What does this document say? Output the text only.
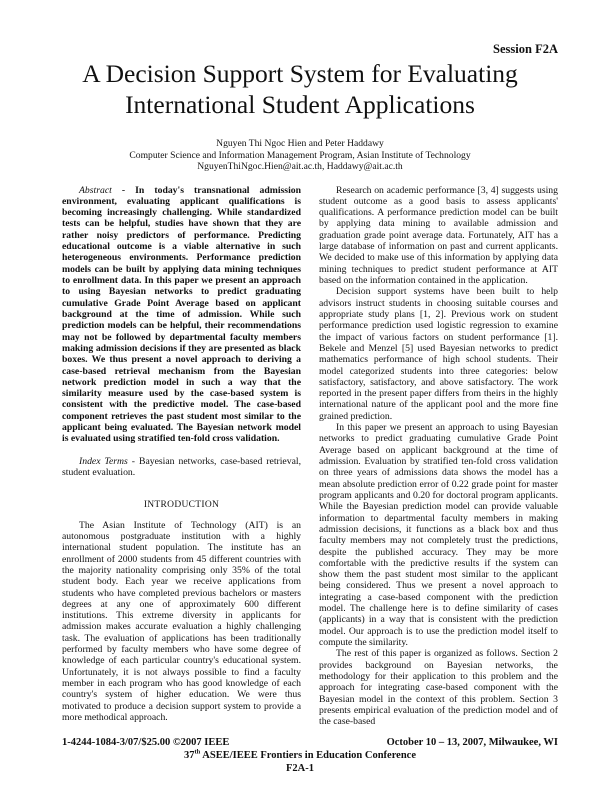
Session F2A
A Decision Support System for Evaluating
International Student Applications
Nguyen Thi Ngoc Hien and Peter Haddawy
Computer Science and Information Management Program, Asian Institute of Technology
NguyenThiNgoc.Hien@ait.ac.th, Haddawy@ait.ac.th

Abstract - In today's transnational admission environment, evaluating applicant qualifications is becoming increasingly challenging. While standardized tests can be helpful, studies have shown that they are rather noisy predictors of performance. Predicting educational outcome is a viable alternative in such heterogeneous environments. Performance prediction models can be built by applying data mining techniques to enrollment data. In this paper we present an approach to using Bayesian networks to predict graduating cumulative Grade Point Average based on applicant background at the time of admission. While such prediction models can be helpful, their recommendations may not be followed by departmental faculty members making admission decisions if they are presented as black boxes. We thus present a novel approach to deriving a case-based retrieval mechanism from the Bayesian network prediction model in such a way that the similarity measure used by the case-based system is consistent with the predictive model. The case-based component retrieves the past student most similar to the applicant being evaluated. The Bayesian network model is evaluated using stratified ten-fold cross validation.

Index Terms - Bayesian networks, case-based retrieval, student evaluation.

INTRODUCTION

The Asian Institute of Technology (AIT) is an autonomous postgraduate institution with a highly international student population. The institute has an enrollment of 2000 students from 45 different countries with the majority nationality comprising only 35% of the total student body. Each year we receive applications from students who have completed previous bachelors or masters degrees at any one of approximately 600 different institutions. This extreme diversity in applicants for admission makes accurate evaluation a highly challenging task. The evaluation of applications has been traditionally performed by faculty members who have some degree of knowledge of each particular country's educational system. Unfortunately, it is not always possible to find a faculty member in each program who has good knowledge of each country's system of higher education. We were thus motivated to produce a decision support system to provide a more methodical approach.

Research on academic performance [3, 4] suggests using student outcome as a good basis to assess applicants' qualifications. A performance prediction model can be built by applying data mining to available admission and graduation grade point average data. Fortunately, AIT has a large database of information on past and current applicants. We decided to make use of this information by applying data mining techniques to predict student performance at AIT based on the information contained in the application.

Decision support systems have been built to help advisors instruct students in choosing suitable courses and appropriate study plans [1, 2]. Previous work on student performance prediction used logistic regression to examine the impact of various factors on student performance [1]. Bekele and Menzel [5] used Bayesian networks to predict mathematics performance of high school students. Their model categorized students into three categories: below satisfactory, satisfactory, and above satisfactory. The work reported in the present paper differs from theirs in the highly international nature of the applicant pool and the more fine grained prediction.

In this paper we present an approach to using Bayesian networks to predict graduating cumulative Grade Point Average based on applicant background at the time of admission. Evaluation by stratified ten-fold cross validation on three years of admissions data shows the model has a mean absolute prediction error of 0.22 grade point for master program applicants and 0.20 for doctoral program applicants. While the Bayesian prediction model can provide valuable information to departmental faculty members in making admission decisions, it functions as a black box and thus faculty members may not completely trust the predictions, despite the published accuracy. They may be more comfortable with the predictive results if the system can show them the past student most similar to the applicant being considered. Thus we present a novel approach to integrating a case-based component with the prediction model. The challenge here is to define similarity of cases (applicants) in a way that is consistent with the prediction model. Our approach is to use the prediction model itself to compute the similarity.

The rest of this paper is organized as follows. Section 2 provides background on Bayesian networks, the methodology for their application to this problem and the approach for integrating case-based component with the Bayesian model in the context of this problem. Section 3 presents empirical evaluation of the prediction model and of the case-based

1-4244-1084-3/07/$25.00 ©2007 IEEE	October 10 – 13, 2007, Milwaukee, WI
37th ASEE/IEEE Frontiers in Education Conference
F2A-1
